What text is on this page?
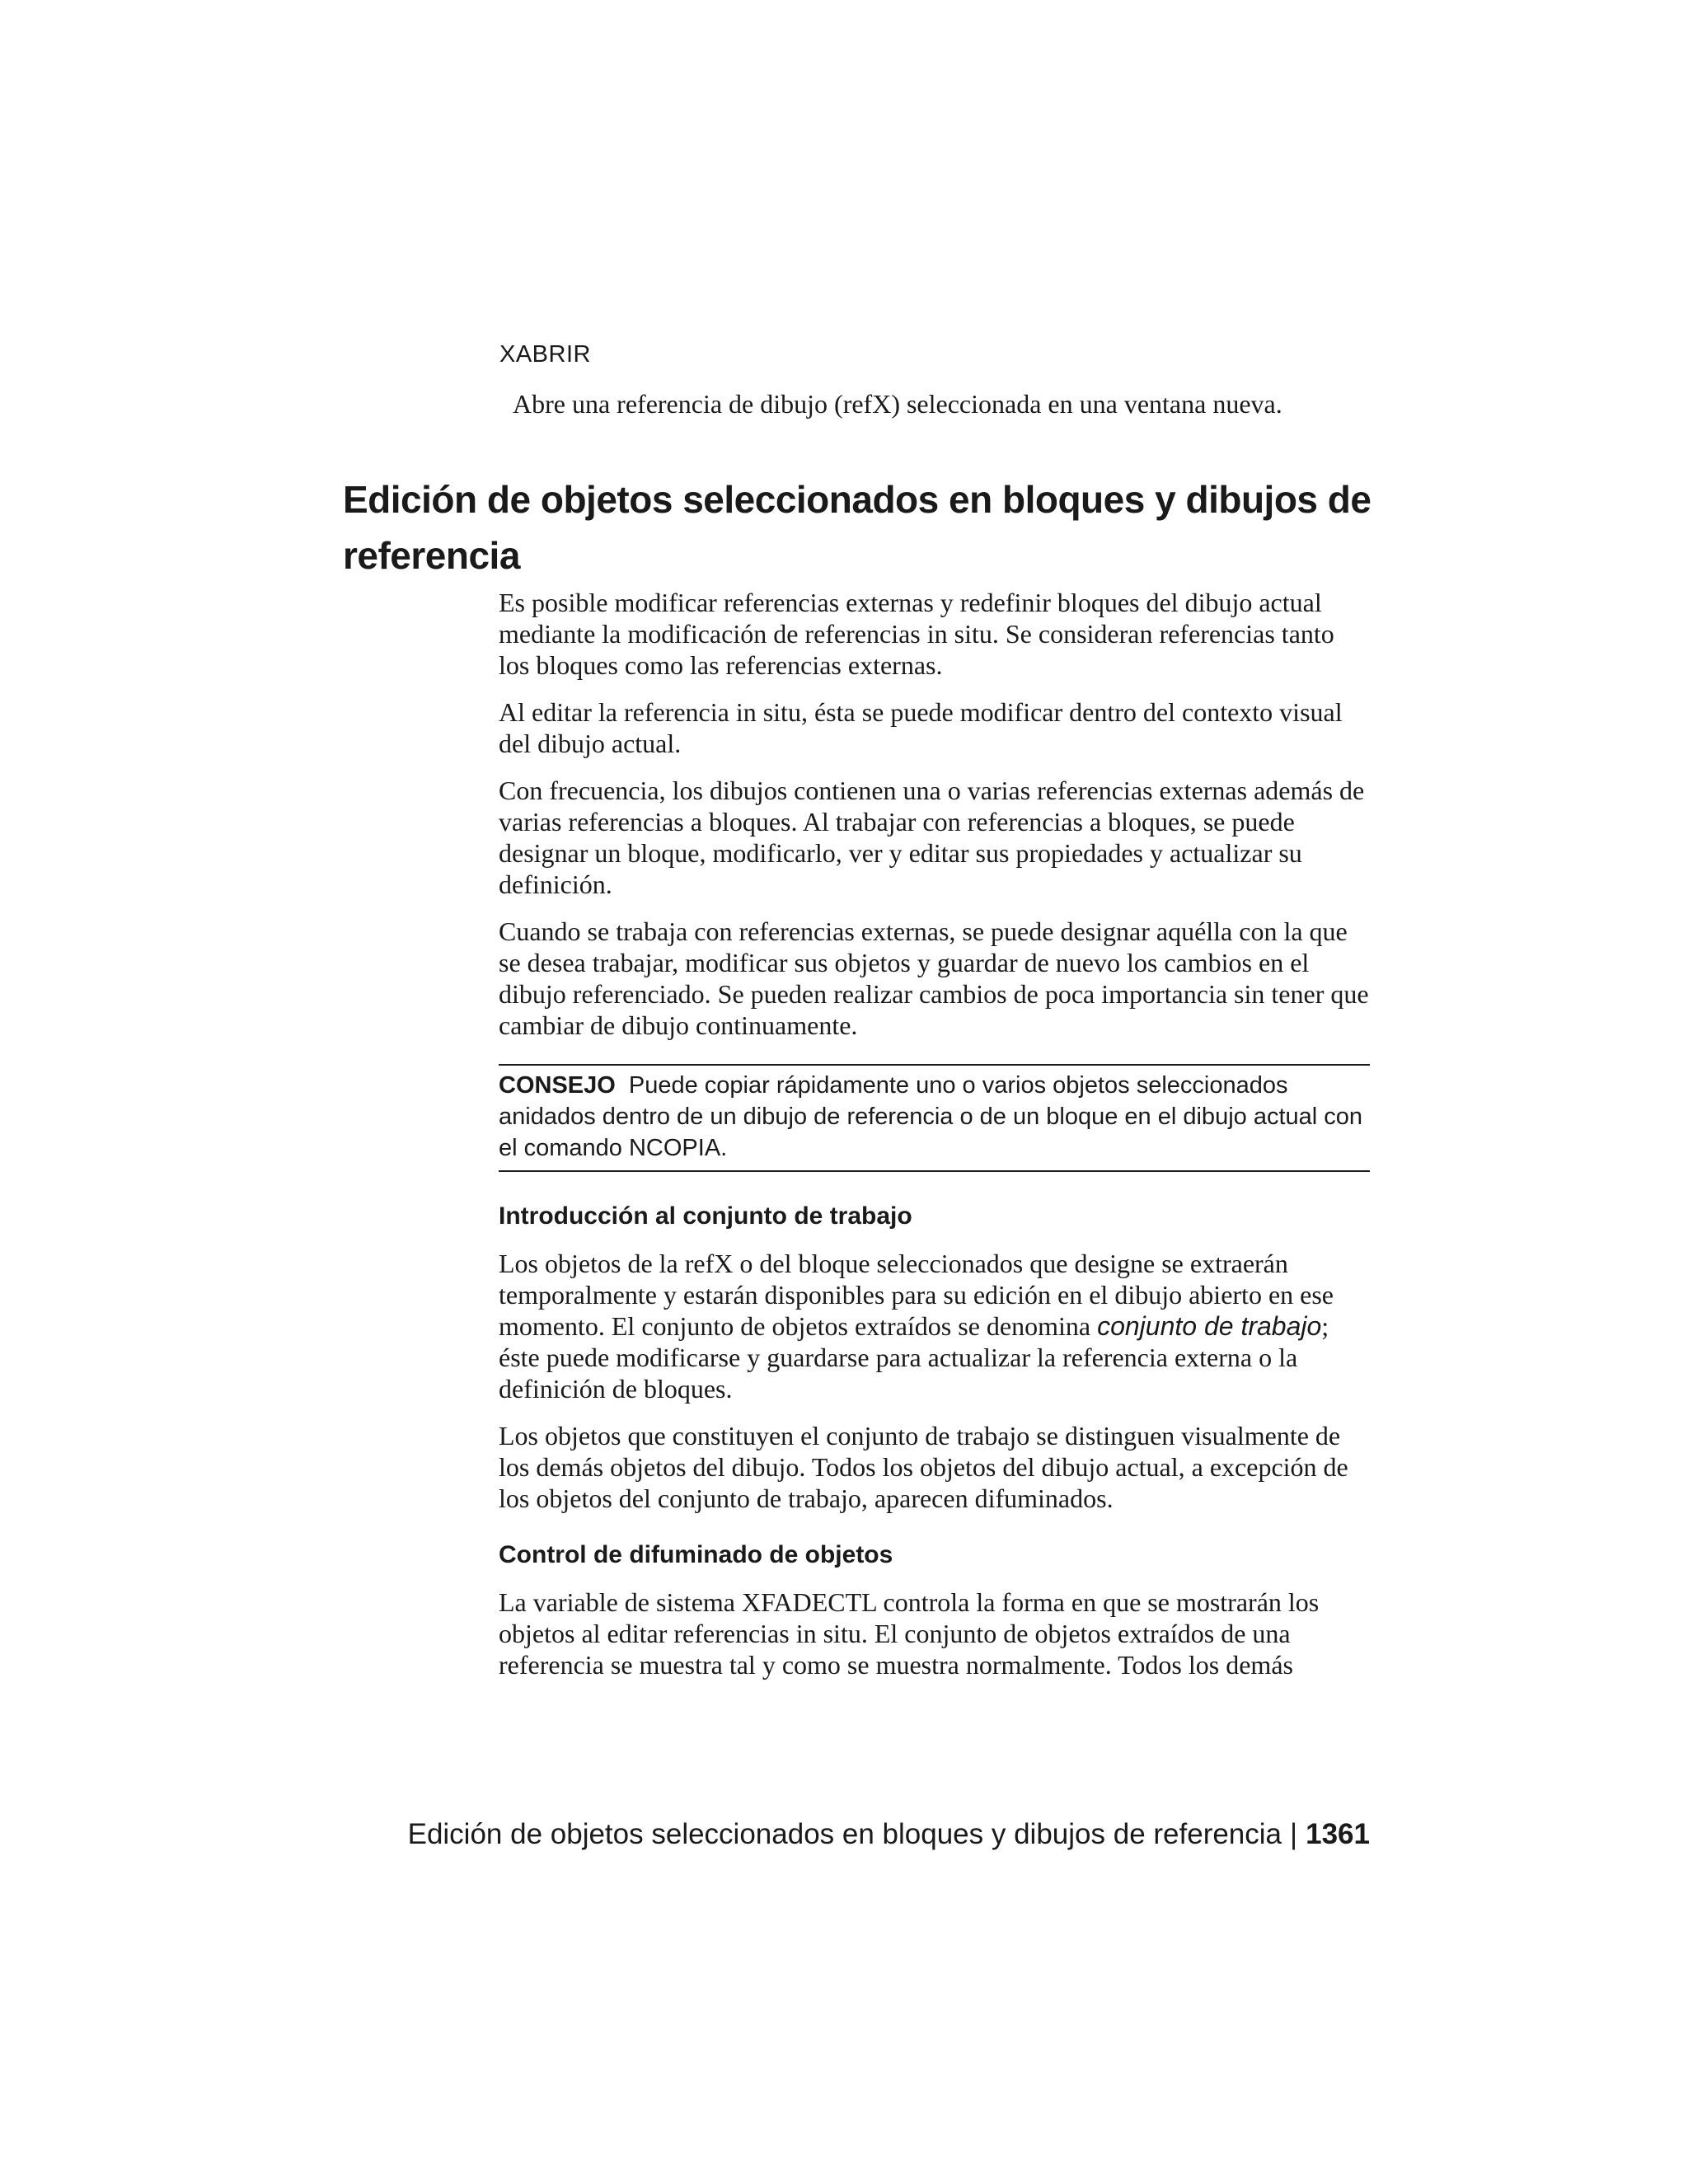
XABRIR
Abre una referencia de dibujo (refX) seleccionada en una ventana nueva.
Edición de objetos seleccionados en bloques y dibujos de referencia

Es posible modificar referencias externas y redefinir bloques del dibujo actual mediante la modificación de referencias in situ. Se consideran referencias tanto los bloques como las referencias externas.

Al editar la referencia in situ, ésta se puede modificar dentro del contexto visual del dibujo actual.

Con frecuencia, los dibujos contienen una o varias referencias externas además de varias referencias a bloques. Al trabajar con referencias a bloques, se puede designar un bloque, modificarlo, ver y editar sus propiedades y actualizar su definición.

Cuando se trabaja con referencias externas, se puede designar aquélla con la que se desea trabajar, modificar sus objetos y guardar de nuevo los cambios en el dibujo referenciado. Se pueden realizar cambios de poca importancia sin tener que cambiar de dibujo continuamente.

CONSEJO Puede copiar rápidamente uno o varios objetos seleccionados anidados dentro de un dibujo de referencia o de un bloque en el dibujo actual con el comando NCOPIA.
Introducción al conjunto de trabajo

Los objetos de la refX o del bloque seleccionados que designe se extraerán temporalmente y estarán disponibles para su edición en el dibujo abierto en ese momento. El conjunto de objetos extraídos se denomina conjunto de trabajo; éste puede modificarse y guardarse para actualizar la referencia externa o la definición de bloques.

Los objetos que constituyen el conjunto de trabajo se distinguen visualmente de los demás objetos del dibujo. Todos los objetos del dibujo actual, a excepción de los objetos del conjunto de trabajo, aparecen difuminados.

Control de difuminado de objetos

La variable de sistema XFADECTL controla la forma en que se mostrarán los objetos al editar referencias in situ. El conjunto de objetos extraídos de una referencia se muestra tal y como se muestra normalmente. Todos los demás

Edición de objetos seleccionados en bloques y dibujos de referencia | 1361
